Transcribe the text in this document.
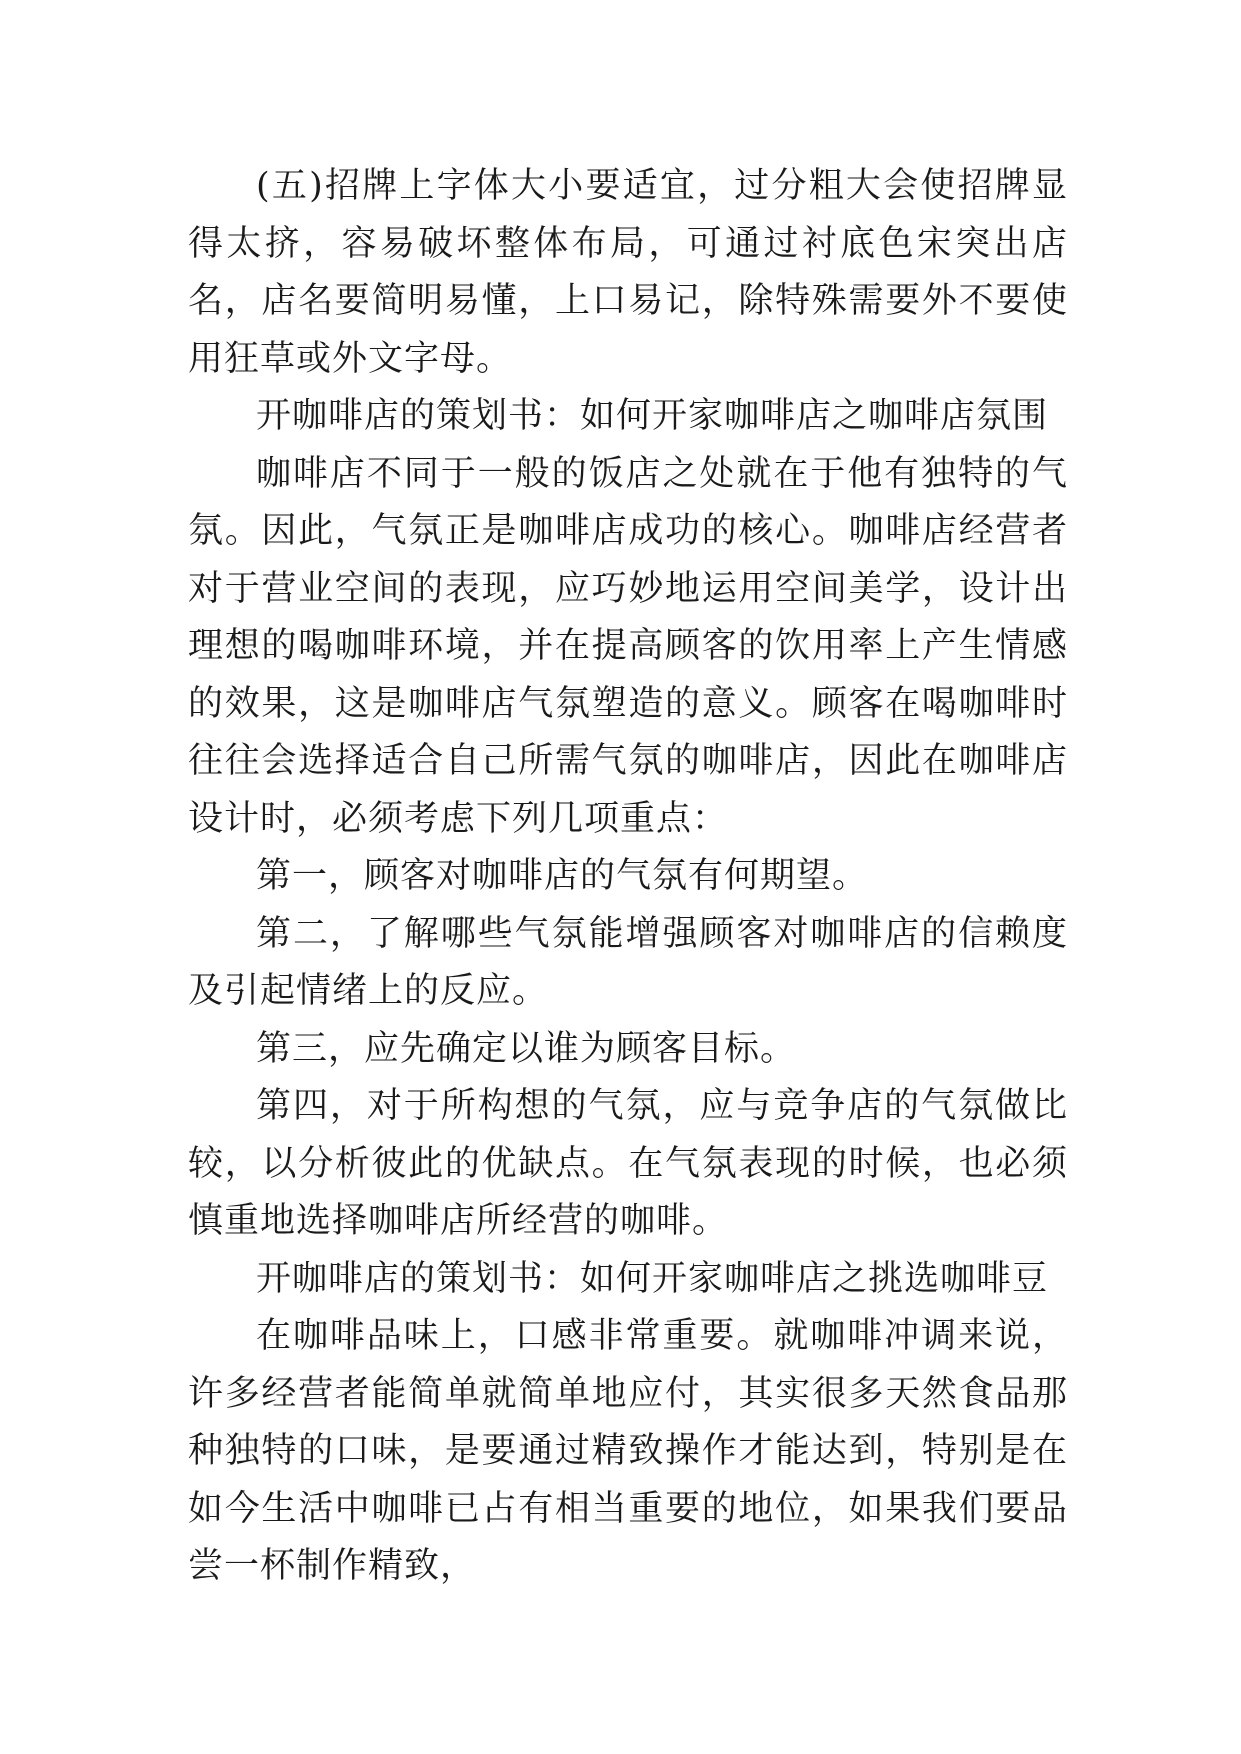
(五)招牌上字体大小要适宜，过分粗大会使招牌显得太挤，容易破坏整体布局，可通过衬底色宋突出店名，店名要简明易懂，上口易记，除特殊需要外不要使用狂草或外文字母。

开咖啡店的策划书：如何开家咖啡店之咖啡店氛围

咖啡店不同于一般的饭店之处就在于他有独特的气氛。因此，气氛正是咖啡店成功的核心。咖啡店经营者对于营业空间的表现，应巧妙地运用空间美学，设计出理想的喝咖啡环境，并在提高顾客的饮用率上产生情感的效果，这是咖啡店气氛塑造的意义。顾客在喝咖啡时往往会选择适合自己所需气氛的咖啡店，因此在咖啡店设计时，必须考虑下列几项重点：

第一，顾客对咖啡店的气氛有何期望。

第二，了解哪些气氛能增强顾客对咖啡店的信赖度及引起情绪上的反应。

第三，应先确定以谁为顾客目标。

第四，对于所构想的气氛，应与竞争店的气氛做比较，以分析彼此的优缺点。在气氛表现的时候，也必须慎重地选择咖啡店所经营的咖啡。

开咖啡店的策划书：如何开家咖啡店之挑选咖啡豆

在咖啡品味上，口感非常重要。就咖啡冲调来说，许多经营者能简单就简单地应付，其实很多天然食品那种独特的口味，是要通过精致操作才能达到，特别是在如今生活中咖啡已占有相当重要的地位，如果我们要品尝一杯制作精致，
